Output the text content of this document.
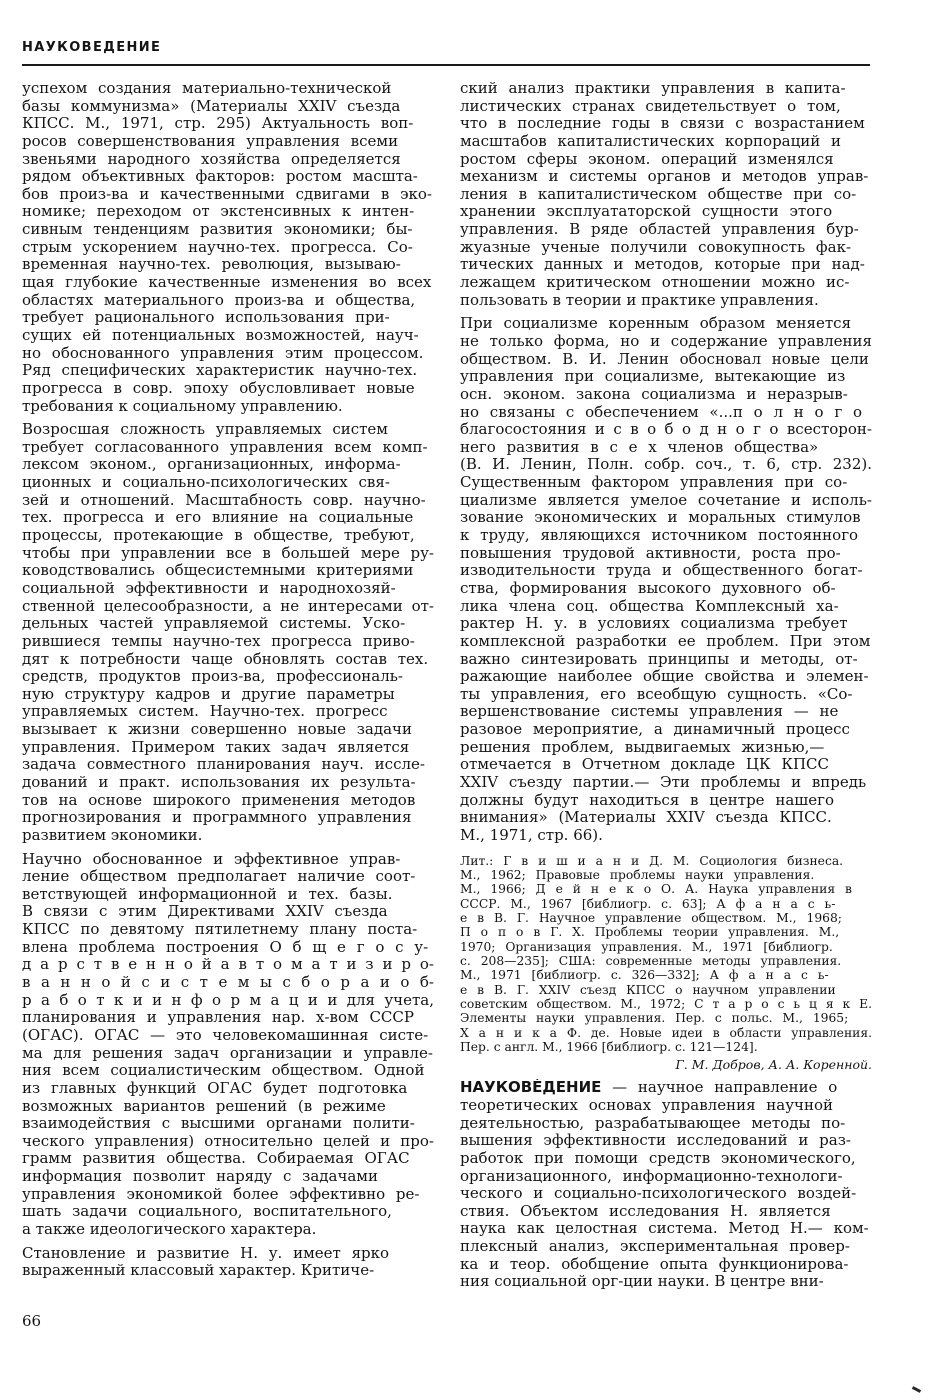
НАУКОВЕДЕНИЕ

успехом создания материально-технической
базы коммунизма» (Материалы XXIV съезда
КПСС. М., 1971, стр. 295) Актуальность воп-
росов совершенствования управления всеми
звеньями народного хозяйства определяется
рядом объективных факторов: ростом масшта-
бов произ-ва и качественными сдвигами в эко-
номике; переходом от экстенсивных к интен-
сивным тенденциям развития экономики; бы-
стрым ускорением научно-тех. прогресса. Со-
временная научно-тех. революция, вызываю-
щая глубокие качественные изменения во всех
областях материального произ-ва и общества,
требует рационального использования при-
сущих ей потенциальных возможностей, науч-
но обоснованного управления этим процессом.
Ряд специфических характеристик научно-тех.
прогресса в совр. эпоху обусловливает новые
требования к социальному управлению.

Возросшая сложность управляемых систем
требует согласованного управления всем комп-
лексом эконом., организационных, информа-
ционных и социально-психологических свя-
зей и отношений. Масштабность совр. научно-
тех. прогресса и его влияние на социальные
процессы, протекающие в обществе, требуют,
чтобы при управлении все в большей мере ру-
ководствовались общесистемными критериями
социальной эффективности и народнохозяй-
ственной целесообразности, а не интересами от-
дельных частей управляемой системы. Уско-
рившиеся темпы научно-тех прогресса приво-
дят к потребности чаще обновлять состав тех.
средств, продуктов произ-ва, профессиональ-
ную структуру кадров и другие параметры
управляемых систем. Научно-тех. прогресс
вызывает к жизни совершенно новые задачи
управления. Примером таких задач является
задача совместного планирования науч. иссле-
дований и практ. использования их результа-
тов на основе широкого применения методов
прогнозирования и программного управления
развитием экономики.

Научно обоснованное и эффективное управ-
ление обществом предполагает наличие соот-
ветствующей информационной и тех. базы.
В связи с этим Директивами XXIV съезда
КПСС по девятому пятилетнему плану поста-
влена проблема построения О б щ е г о с у-
д а р с т в е н н о й а в т о м а т и з и р о-
в а н н о й с и с т е м ы с б о р а и о б-
р а б о т к и и н ф о р м а ц и и для учета,
планирования и управления нар. х-вом СССР
(ОГАС). ОГАС — это человекомашинная систе-
ма для решения задач организации и управле-
ния всем социалистическим обществом. Одной
из главных функций ОГАС будет подготовка
возможных вариантов решений (в режиме
взаимодействия с высшими органами полити-
ческого управления) относительно целей и про-
грамм развития общества. Собираемая ОГАС
информация позволит наряду с задачами
управления экономикой более эффективно ре-
шать задачи социального, воспитательного,
а также идеологического характера.

Становление и развитие Н. у. имеет ярко
выраженный классовый характер. Критиче-

ский анализ практики управления в капита-
листических странах свидетельствует о том,
что в последние годы в связи с возрастанием
масштабов капиталистических корпораций и
ростом сферы эконом. операций изменялся
механизм и системы органов и методов управ-
ления в капиталистическом обществе при со-
хранении эксплуататорской сущности этого
управления. В ряде областей управления бур-
жуазные ученые получили совокупность фак-
тических данных и методов, которые при над-
лежащем критическом отношении можно ис-
пользовать в теории и практике управления.

При социализме коренным образом меняется
не только форма, но и содержание управления
обществом. В. И. Ленин обосновал новые цели
управления при социализме, вытекающие из
осн. эконом. закона социализма и неразрыв-
но связаны с обеспечением «...п о л н о г о
благосостояния и с в о б о д н о г о всесторон-
него развития в с е х членов общества»
(В. И. Ленин, Полн. собр. соч., т. 6, стр. 232).
Существенным фактором управления при со-
циализме является умелое сочетание и исполь-
зование экономических и моральных стимулов
к труду, являющихся источником постоянного
повышения трудовой активности, роста про-
изводительности труда и общественного богат-
ства, формирования высокого духовного об-
лика члена соц. общества Комплексный ха-
рактер Н. у. в условиях социализма требует
комплексной разработки ее проблем. При этом
важно синтезировать принципы и методы, от-
ражающие наиболее общие свойства и элемен-
ты управления, его всеобщую сущность. «Со-
вершенствование системы управления — не
разовое мероприятие, а динамичный процесс
решения проблем, выдвигаемых жизнью,—
отмечается в Отчетном докладе ЦК КПСС
XXIV съезду партии.— Эти проблемы и впредь
должны будут находиться в центре нашего
внимания» (Материалы XXIV съезда КПСС.
М., 1971, стр. 66).

Лит.: Г в и ш и а н и Д. М. Социология бизнеса.
М., 1962; Правовые проблемы науки управления.
М., 1966; Д е й н е к о О. А. Наука управления в
СССР. М., 1967 [библиогр. с. 63]; А ф а н а с ь-
е в В. Г. Научное управление обществом. М., 1968;
П о п о в Г. Х. Проблемы теории управления. М.,
1970; Организация управления. М., 1971 [библиогр.
с. 208—235]; США: современные методы управления.
М., 1971 [библиогр. с. 326—332]; А ф а н а с ь-
е в В. Г. XXIV съезд КПСС о научном управлении
советским обществом. М., 1972; С т а р о с ь ц я к Е.
Элементы науки управления. Пер. с польс. М., 1965;
Х а н и к а Ф. де. Новые идеи в области управления.
Пер. с англ. М., 1966 [библиогр. с. 121—124].

Г. М. Добров, А. А. Коренной.

НАУКОВЕ́ДЕНИЕ — научное направление о
теоретических основах управления научной
деятельностью, разрабатывающее методы по-
вышения эффективности исследований и раз-
работок при помощи средств экономического,
организационного, информационно-технологи-
ческого и социально-психологического воздей-
ствия. Объектом исследования Н. является
наука как целостная система. Метод Н.— ком-
плексный анализ, экспериментальная провер-
ка и теор. обобщение опыта функционирова-
ния социальной орг-ции науки. В центре вни-

66
